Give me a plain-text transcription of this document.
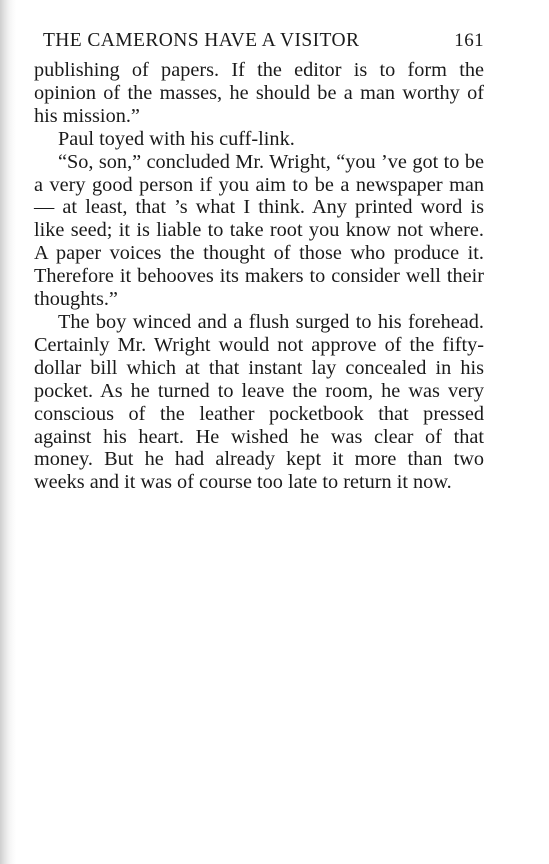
THE CAMERONS HAVE A VISITOR	161

publishing of papers. If the editor is to form the opinion of the masses, he should be a man worthy of his mission.”

Paul toyed with his cuff-link.

“So, son,” concluded Mr. Wright, “you ’ve got to be a very good person if you aim to be a newspaper man — at least, that ’s what I think. Any printed word is like seed; it is liable to take root you know not where. A paper voices the thought of those who produce it. Therefore it behooves its makers to consider well their thoughts.”

The boy winced and a flush surged to his forehead. Certainly Mr. Wright would not approve of the fifty-dollar bill which at that instant lay concealed in his pocket. As he turned to leave the room, he was very conscious of the leather pocketbook that pressed against his heart. He wished he was clear of that money. But he had already kept it more than two weeks and it was of course too late to return it now.
